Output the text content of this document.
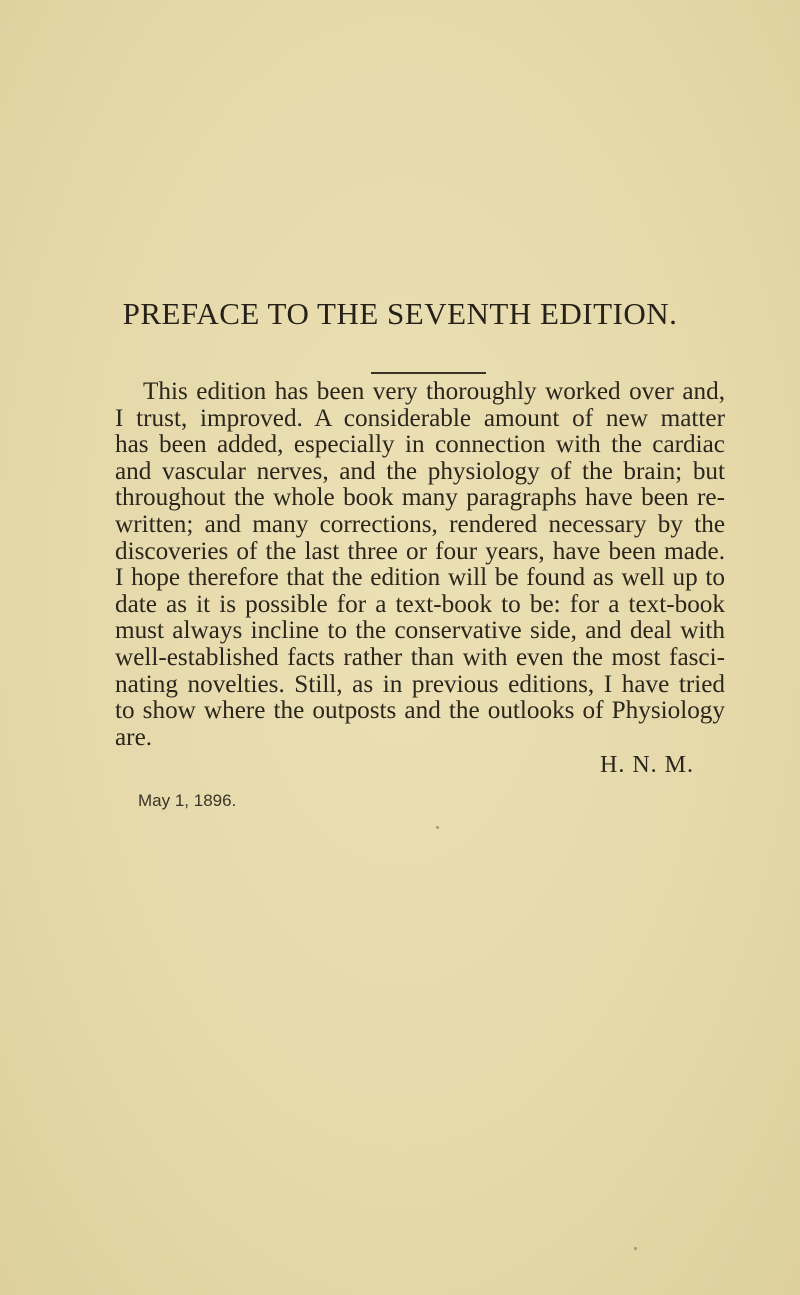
PREFACE TO THE SEVENTH EDITION.
This edition has been very thoroughly worked over and,
I trust, improved. A considerable amount of new matter
has been added, especially in connection with the cardiac
and vascular nerves, and the physiology of the brain; but
throughout the whole book many paragraphs have been re-
written; and many corrections, rendered necessary by the
discoveries of the last three or four years, have been made.
I hope therefore that the edition will be found as well up to
date as it is possible for a text-book to be: for a text-book
must always incline to the conservative side, and deal with
well-established facts rather than with even the most fasci-
nating novelties. Still, as in previous editions, I have tried
to show where the outposts and the outlooks of Physiology
are.
H. N. M.
May 1, 1896.
